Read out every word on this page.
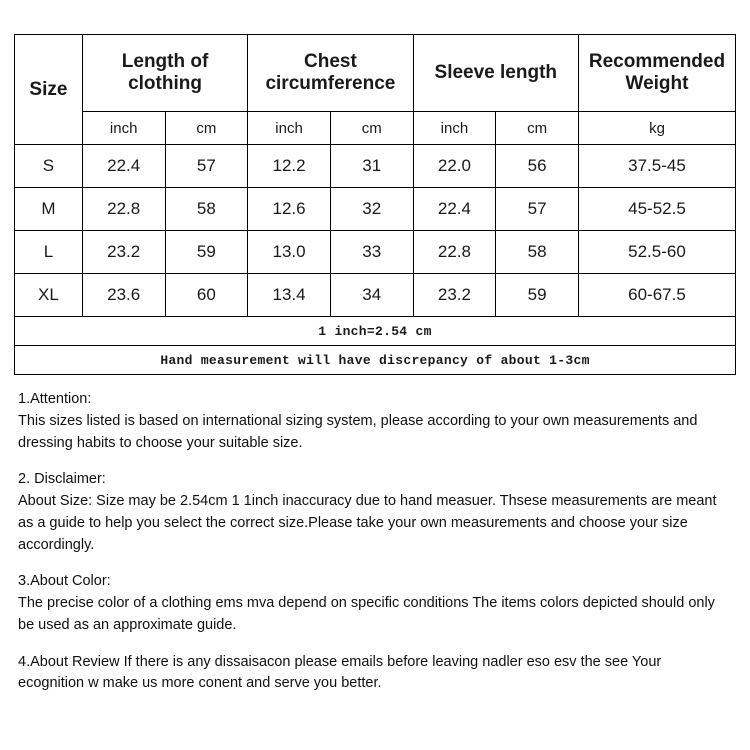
Size	Length of clothing		Chest circumference		Sleeve length		Recommended Weight
	inch	cm	inch	cm	inch	cm	kg
S	22.4	57	12.2	31	22.0	56	37.5-45
M	22.8	58	12.6	32	22.4	57	45-52.5
L	23.2	59	13.0	33	22.8	58	52.5-60
XL	23.6	60	13.4	34	23.2	59	60-67.5
1 inch=2.54 cm							
Hand measurement will have discrepancy of about 1-3cm							

1.Attention:

This sizes listed is based on international sizing system, please according to your own measurements and dressing habits to choose your suitable size.

2. Disclaimer:

About Size: Size may be 2.54cm 1 1inch inaccuracy due to hand measuer. Thsese measurements are meant as a guide to help you select the correct size.Please take your own measurements and choose your size accordingly.

3.About Color:

The precise color of a clothing ems mva depend on specific conditions The items colors depicted should only be used as an approximate guide.

4.About Review If there is any dissaisacon please emails before leaving nadler eso esv the see Your

ecognition w make us more conent and serve you better.
